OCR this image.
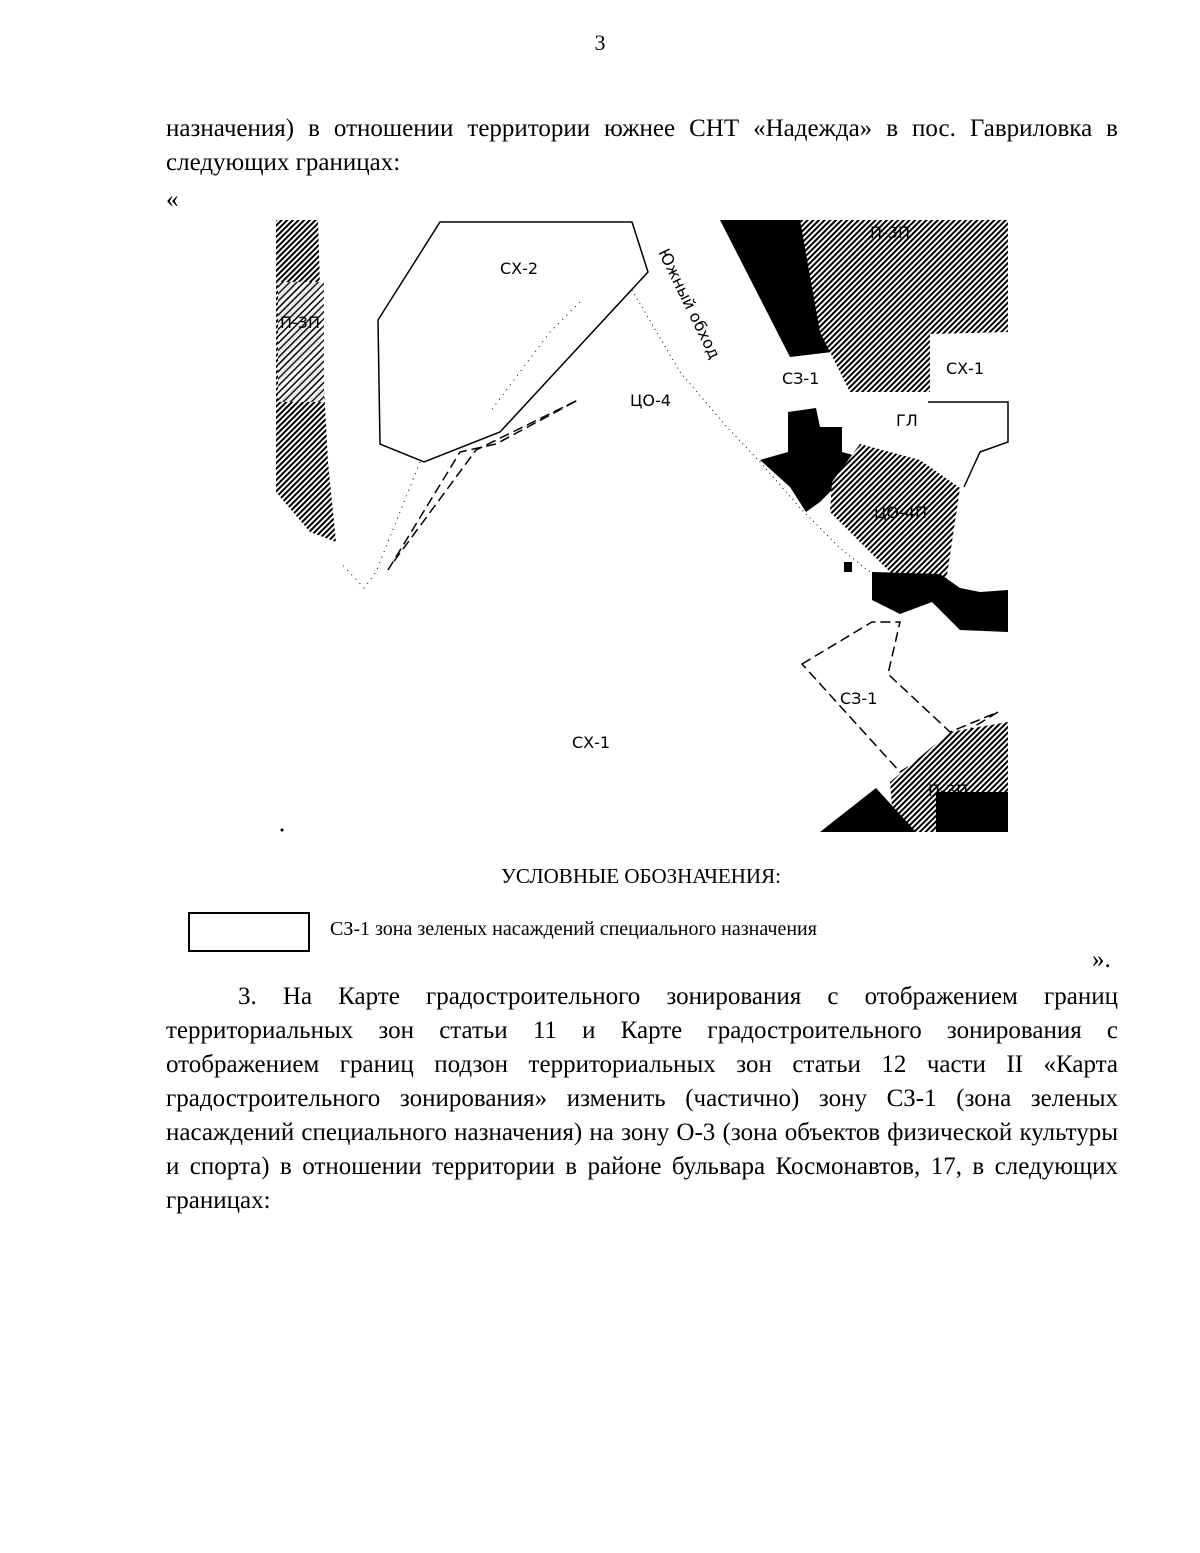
3

назначения) в отношении территории южнее СНТ «Надежда» в пос. Гавриловка в следующих границах:

«
СХ-2	Южный обход
П-3П
П-3П
ЦО-4
СЗ-1
СХ-1
ГЛ
ЦО-4П
СЗ-1
СХ-1
П-3П
УСЛОВНЫЕ ОБОЗНАЧЕНИЯ:
СЗ-1 зона зеленых насаждений специального назначения
».

3. На Карте градостроительного зонирования с отображением границ территориальных зон статьи 11 и Карте градостроительного зонирования с отображением границ подзон территориальных зон статьи 12 части II «Карта градостроительного зонирования» изменить (частично) зону СЗ-1 (зона зеленых насаждений специального назначения) на зону О-3 (зона объектов физической культуры и спорта) в отношении территории в районе бульвара Космонавтов, 17, в следующих границах:
